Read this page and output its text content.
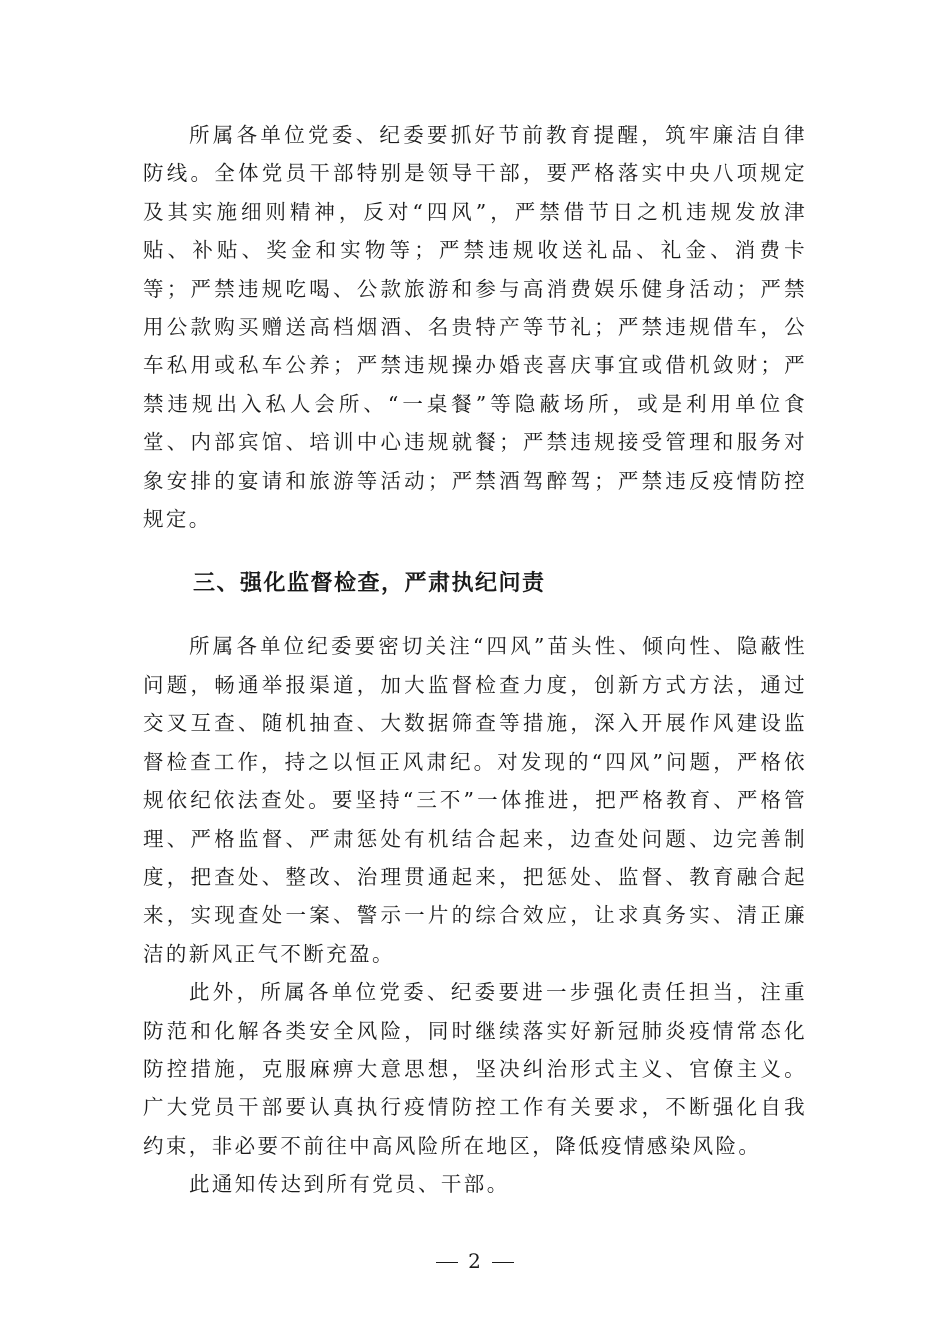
所属各单位党委、纪委要抓好节前教育提醒，筑牢廉洁自律防线。全体党员干部特别是领导干部，要严格落实中央八项规定及其实施细则精神，反对“四风”，严禁借节日之机违规发放津贴、补贴、奖金和实物等；严禁违规收送礼品、礼金、消费卡等；严禁违规吃喝、公款旅游和参与高消费娱乐健身活动；严禁用公款购买赠送高档烟酒、名贵特产等节礼；严禁违规借车，公车私用或私车公养；严禁违规操办婚丧喜庆事宜或借机敛财；严禁违规出入私人会所、“一桌餐”等隐蔽场所，或是利用单位食堂、内部宾馆、培训中心违规就餐；严禁违规接受管理和服务对象安排的宴请和旅游等活动；严禁酒驾醉驾；严禁违反疫情防控规定。

三、强化监督检查，严肃执纪问责

所属各单位纪委要密切关注“四风”苗头性、倾向性、隐蔽性问题，畅通举报渠道，加大监督检查力度，创新方式方法，通过交叉互查、随机抽查、大数据筛查等措施，深入开展作风建设监督检查工作，持之以恒正风肃纪。对发现的“四风”问题，严格依规依纪依法查处。要坚持“三不”一体推进，把严格教育、严格管理、严格监督、严肃惩处有机结合起来，边查处问题、边完善制度，把查处、整改、治理贯通起来，把惩处、监督、教育融合起来，实现查处一案、警示一片的综合效应，让求真务实、清正廉洁的新风正气不断充盈。

此外，所属各单位党委、纪委要进一步强化责任担当，注重防范和化解各类安全风险，同时继续落实好新冠肺炎疫情常态化防控措施，克服麻痹大意思想，坚决纠治形式主义、官僚主义。广大党员干部要认真执行疫情防控工作有关要求，不断强化自我约束，非必要不前往中高风险所在地区，降低疫情感染风险。

此通知传达到所有党员、干部。

2
